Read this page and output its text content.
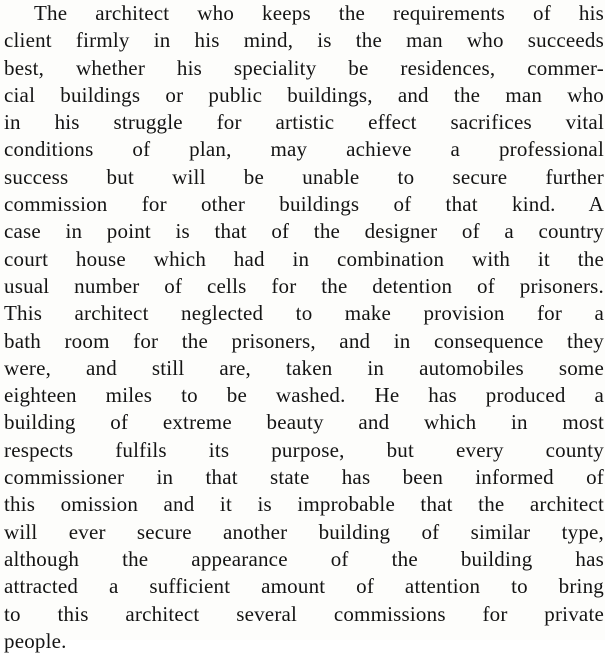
The architect who keeps the requirements of his
client firmly in his mind, is the man who succeeds
best, whether his speciality be residences, commer-
cial buildings or public buildings, and the man who
in his struggle for artistic effect sacrifices vital
conditions of plan, may achieve a professional
success but will be unable to secure further
commission for other buildings of that kind. A
case in point is that of the designer of a country
court house which had in combination with it the
usual number of cells for the detention of prisoners.
This architect neglected to make provision for a
bath room for the prisoners, and in consequence they
were, and still are, taken in automobiles some
eighteen miles to be washed. He has produced a
building of extreme beauty and which in most
respects fulfils its purpose, but every county
commissioner in that state has been informed of
this omission and it is improbable that the architect
will ever secure another building of similar type,
although the appearance of the building has
attracted a sufficient amount of attention to bring
to this architect several commissions for private
people.
